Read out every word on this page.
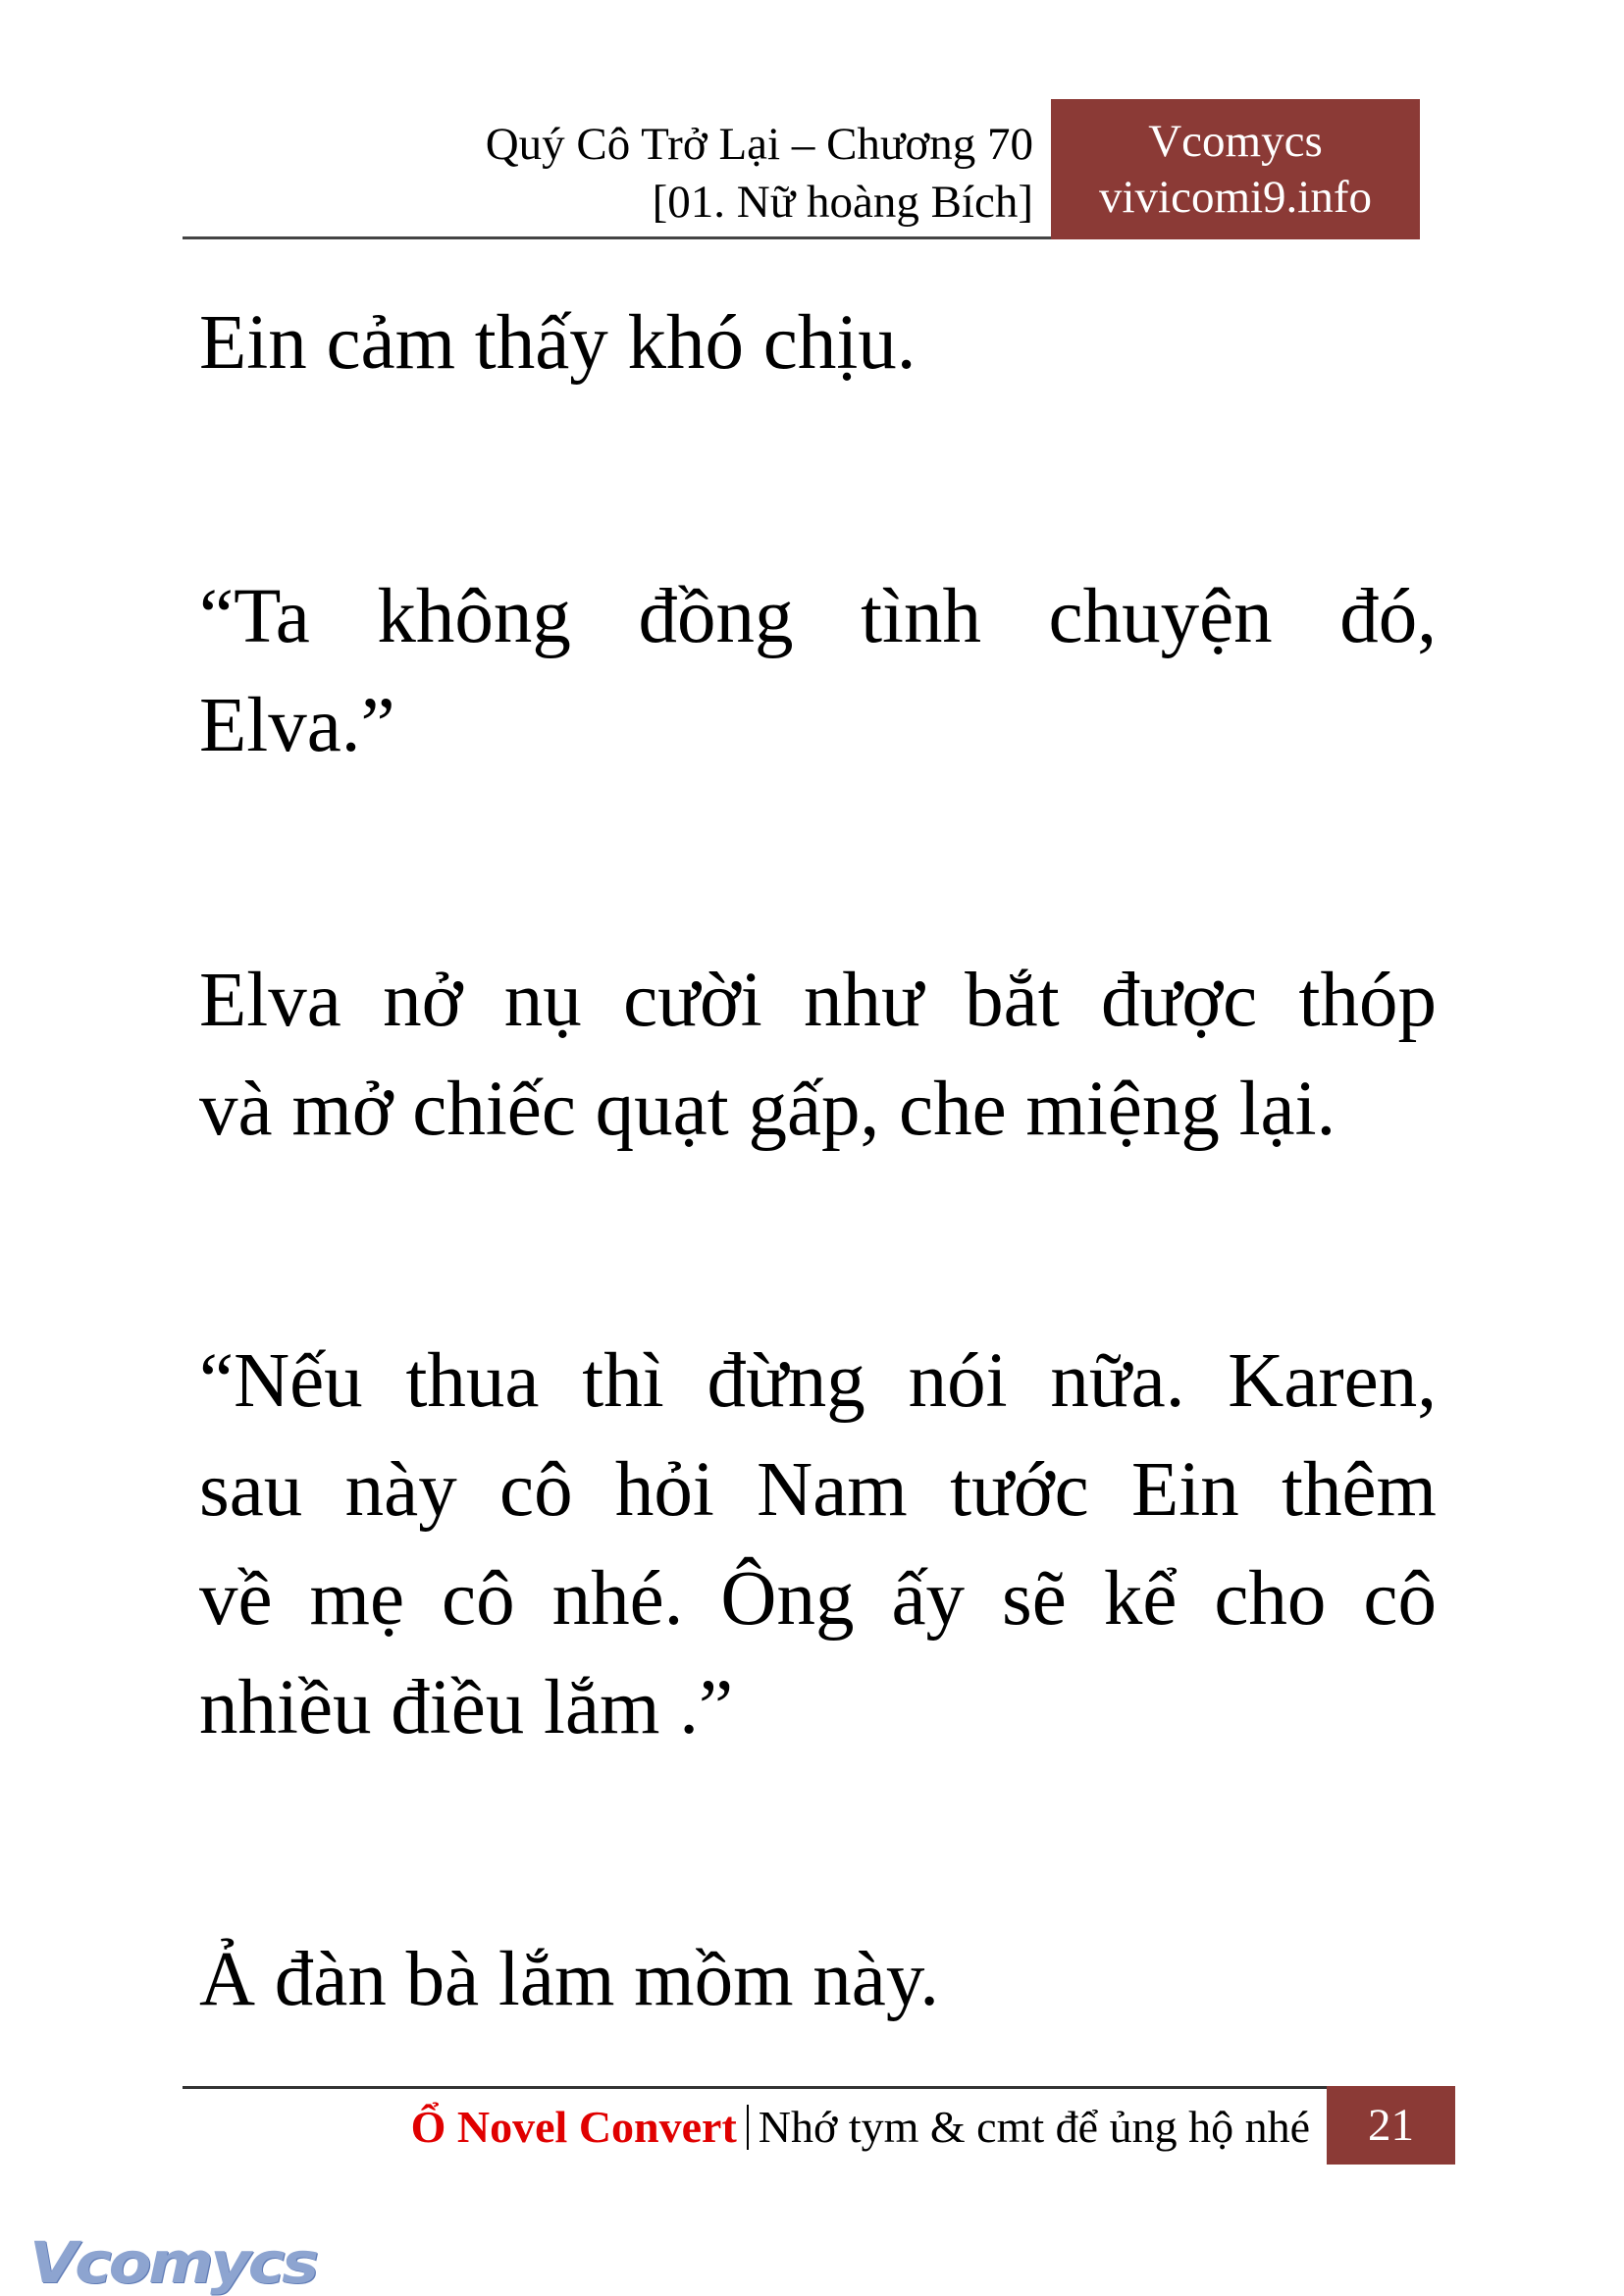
Quý Cô Trở Lại – Chương 70
[01. Nữ hoàng Bích]
Vcomycs
vivicomi9.info
Ein cảm thấy khó chịu.
“Ta không đồng tình chuyện đó,
Elva.”
Elva nở nụ cười như bắt được thóp
và mở chiếc quạt gấp, che miệng lại.
“Nếu thua thì đừng nói nữa. Karen,
sau này cô hỏi Nam tước Ein thêm
về mẹ cô nhé. Ông ấy sẽ kể cho cô
nhiều điều lắm .”
Ả đàn bà lắm mồm này.
Ổ Novel Convert Nhớ tym & cmt để ủng hộ nhé	21
Vcomycs
